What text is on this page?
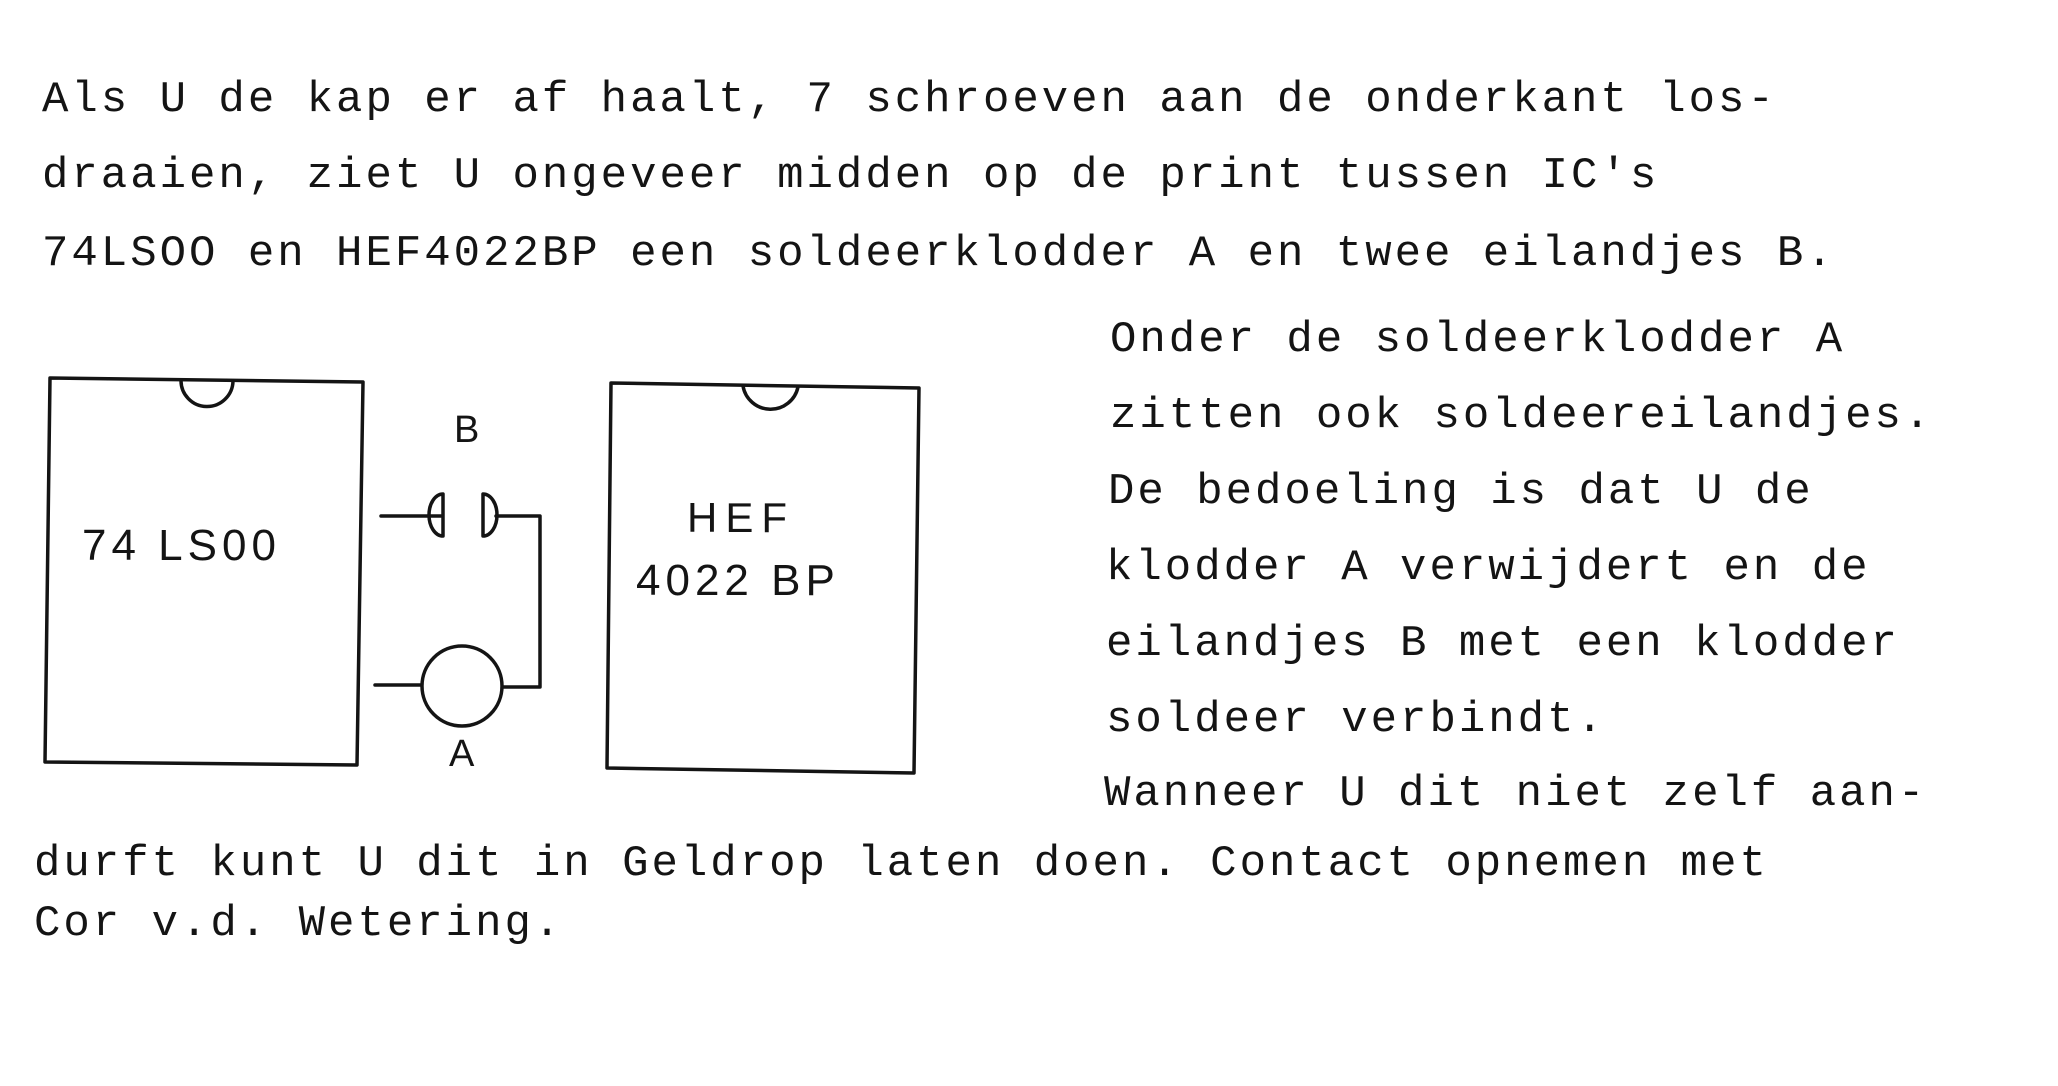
Als U de kap er af haalt, 7 schroeven aan de onderkant los-
draaien, ziet U ongeveer midden op de print tussen IC's
74LSOO en HEF4022BP een soldeerklodder A en twee eilandjes B.
Onder de soldeerklodder A
zitten ook soldeereilandjes.
De bedoeling is dat U de
klodder A verwijdert en de
eilandjes B met een klodder
soldeer verbindt.
Wanneer U dit niet zelf aan-
durft kunt U dit in Geldrop laten doen. Contact opnemen met
Cor v.d. Wetering.
74 LS00
HEF
4022 BP
B
A
